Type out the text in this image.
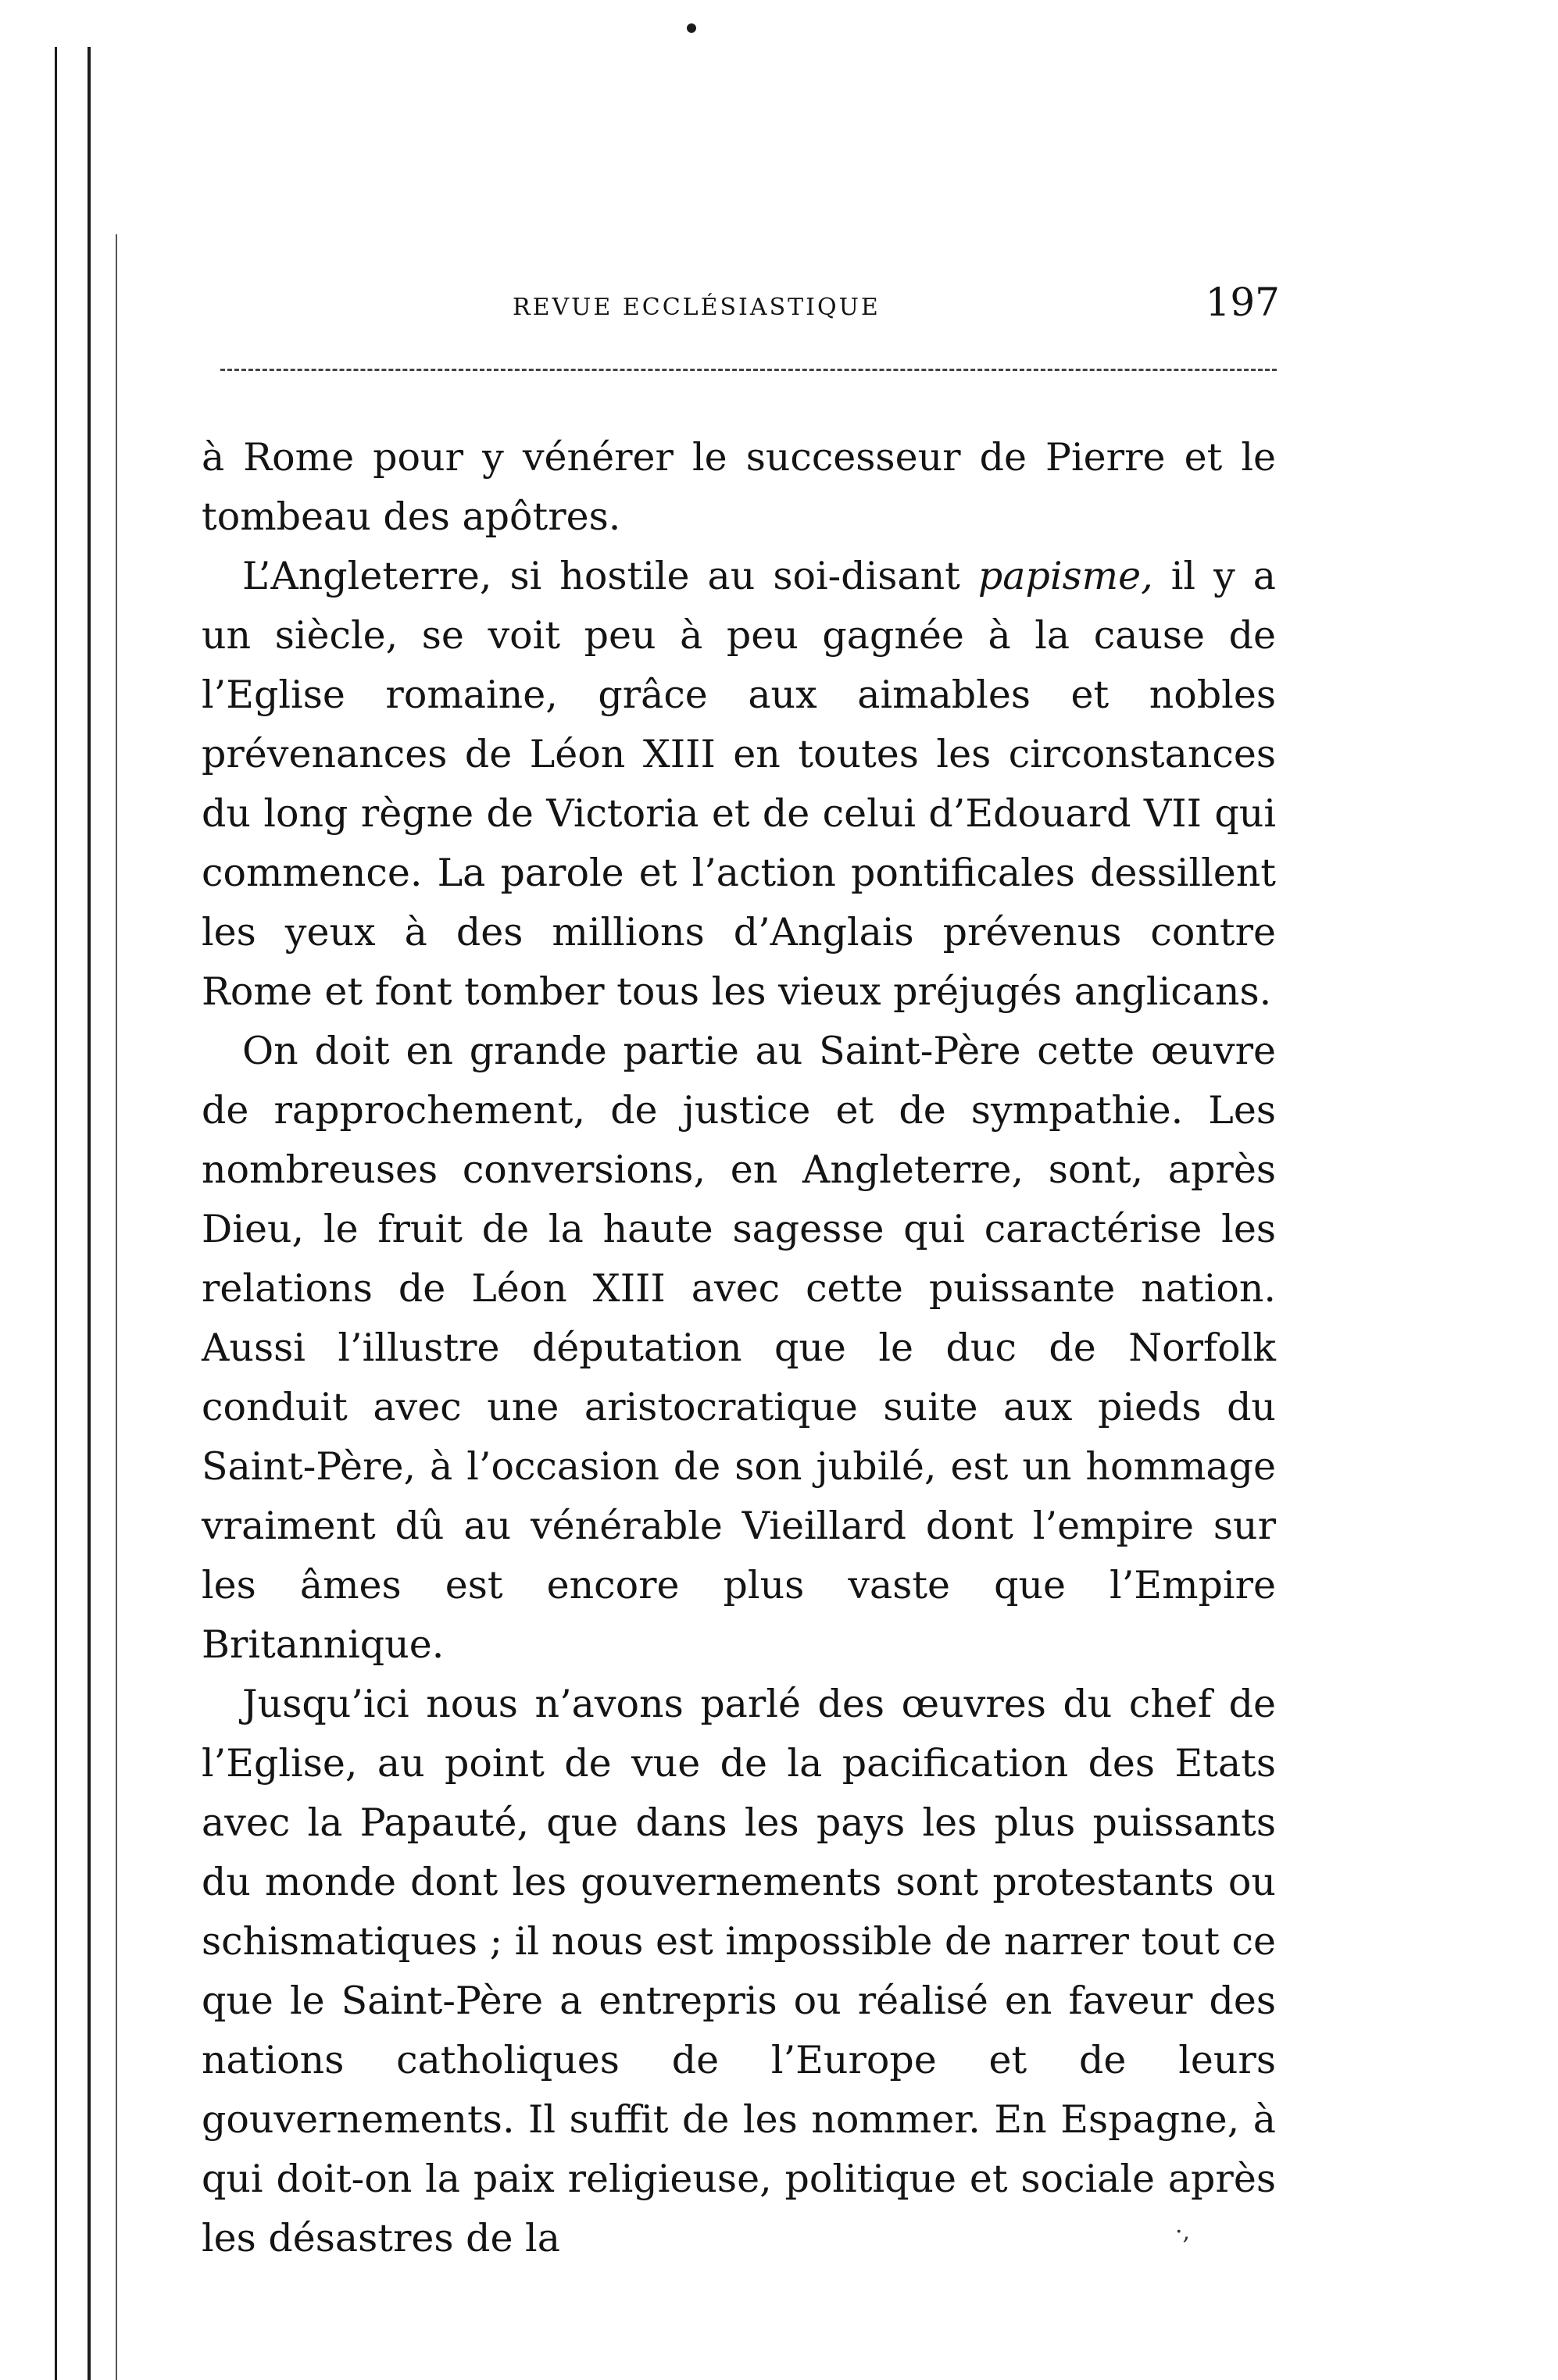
REVUE ECCLÉSIASTIQUE	197

à Rome pour y vénérer le successeur de Pierre et le tombeau des apôtres.

L’Angleterre, si hostile au soi-disant papisme, il y a un siècle, se voit peu à peu gagnée à la cause de l’Eglise romaine, grâce aux aimables et nobles prévenances de Léon XIII en toutes les circonstances du long règne de Victoria et de celui d’Edouard VII qui commence. La parole et l’action pontificales dessillent les yeux à des millions d’Anglais prévenus contre Rome et font tomber tous les vieux préjugés anglicans.

On doit en grande partie au Saint-Père cette œuvre de rapprochement, de justice et de sympathie. Les nombreuses conversions, en Angleterre, sont, après Dieu, le fruit de la haute sagesse qui caractérise les relations de Léon XIII avec cette puissante nation. Aussi l’illustre députation que le duc de Norfolk conduit avec une aristocratique suite aux pieds du Saint-Père, à l’occasion de son jubilé, est un hommage vraiment dû au vénérable Vieillard dont l’empire sur les âmes est encore plus vaste que l’Empire Britannique.

Jusqu’ici nous n’avons parlé des œuvres du chef de l’Eglise, au point de vue de la pacification des Etats avec la Papauté, que dans les pays les plus puissants du monde dont les gouvernements sont protestants ou schismatiques ; il nous est impossible de narrer tout ce que le Saint-Père a entrepris ou réalisé en faveur des nations catholiques de l’Europe et de leurs gouvernements. Il suffit de les nommer. En Espagne, à qui doit-on la paix religieuse, politique et sociale après les désastres de la	·,
